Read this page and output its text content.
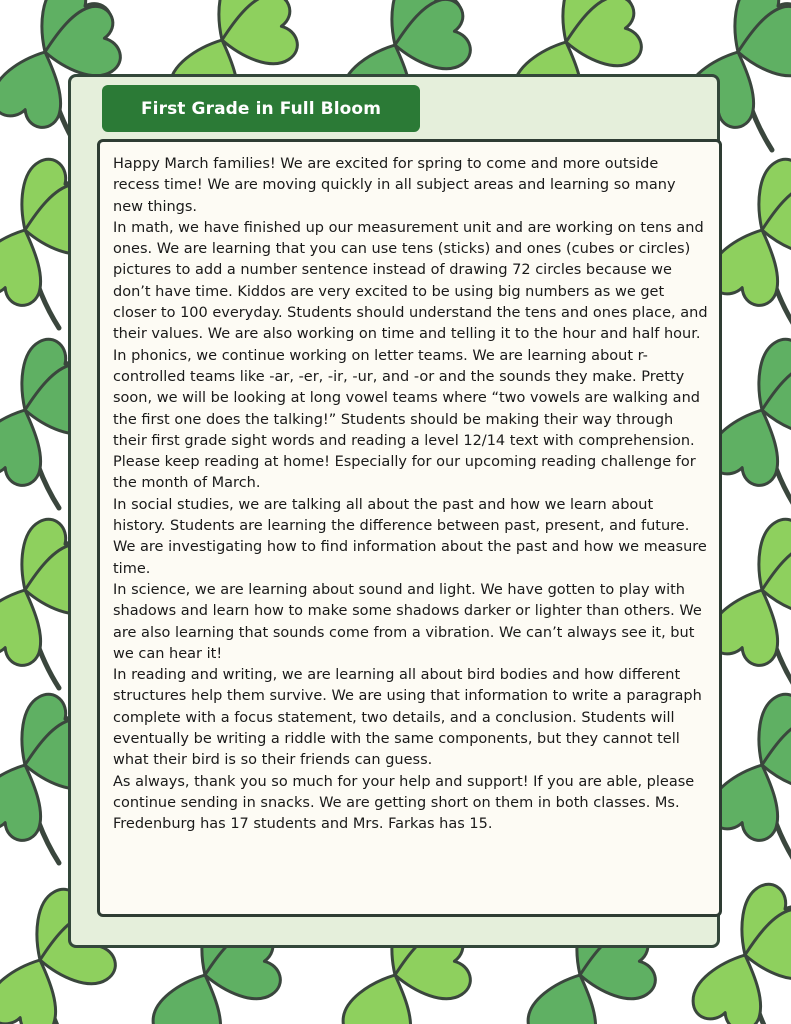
First Grade in Full Bloom

Happy March families! We are excited for spring to come and more outside recess time! We are moving quickly in all subject areas and learning so many new things.

In math, we have finished up our measurement unit and are working on tens and ones. We are learning that you can use tens (sticks) and ones (cubes or circles) pictures to add a number sentence instead of drawing 72 circles because we don’t have time. Kiddos are very excited to be using big numbers as we get closer to 100 everyday. Students should understand the tens and ones place, and their values. We are also working on time and telling it to the hour and half hour.

In phonics, we continue working on letter teams. We are learning about r-controlled teams like -ar, -er, -ir, -ur, and -or and the sounds they make. Pretty soon, we will be looking at long vowel teams where “two vowels are walking and the first one does the talking!” Students should be making their way through their first grade sight words and reading a level 12/14 text with comprehension. Please keep reading at home! Especially for our upcoming reading challenge for the month of March.

In social studies, we are talking all about the past and how we learn about history. Students are learning the difference between past, present, and future. We are investigating how to find information about the past and how we measure time.

In science, we are learning about sound and light. We have gotten to play with shadows and learn how to make some shadows darker or lighter than others. We are also learning that sounds come from a vibration. We can’t always see it, but we can hear it!

In reading and writing, we are learning all about bird bodies and how different structures help them survive. We are using that information to write a paragraph complete with a focus statement, two details, and a conclusion. Students will eventually be writing a riddle with the same components, but they cannot tell what their bird is so their friends can guess.

As always, thank you so much for your help and support! If you are able, please continue sending in snacks. We are getting short on them in both classes. Ms. Fredenburg has 17 students and Mrs. Farkas has 15.
